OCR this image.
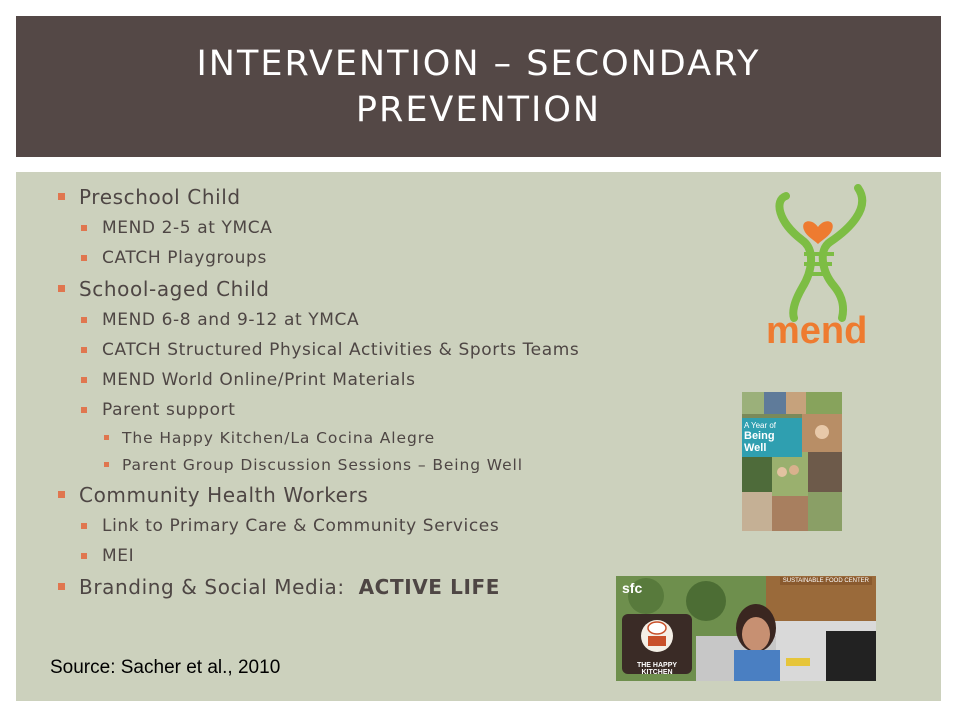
INTERVENTION – SECONDARY PREVENTION
Preschool Child
MEND 2-5 at YMCA
CATCH Playgroups
School-aged Child
MEND 6-8 and 9-12 at YMCA
CATCH Structured Physical Activities & Sports Teams
MEND World Online/Print Materials
Parent support
The Happy Kitchen/La Cocina Alegre
Parent Group Discussion Sessions – Being Well
Community Health Workers
Link to Primary Care & Community Services
MEI
Branding & Social Media:  ACTIVE LIFE
mend
A Year of
Being Well
sfc	SUSTAINABLE FOOD CENTER
THE HAPPY KITCHEN
Source: Sacher et al., 2010
